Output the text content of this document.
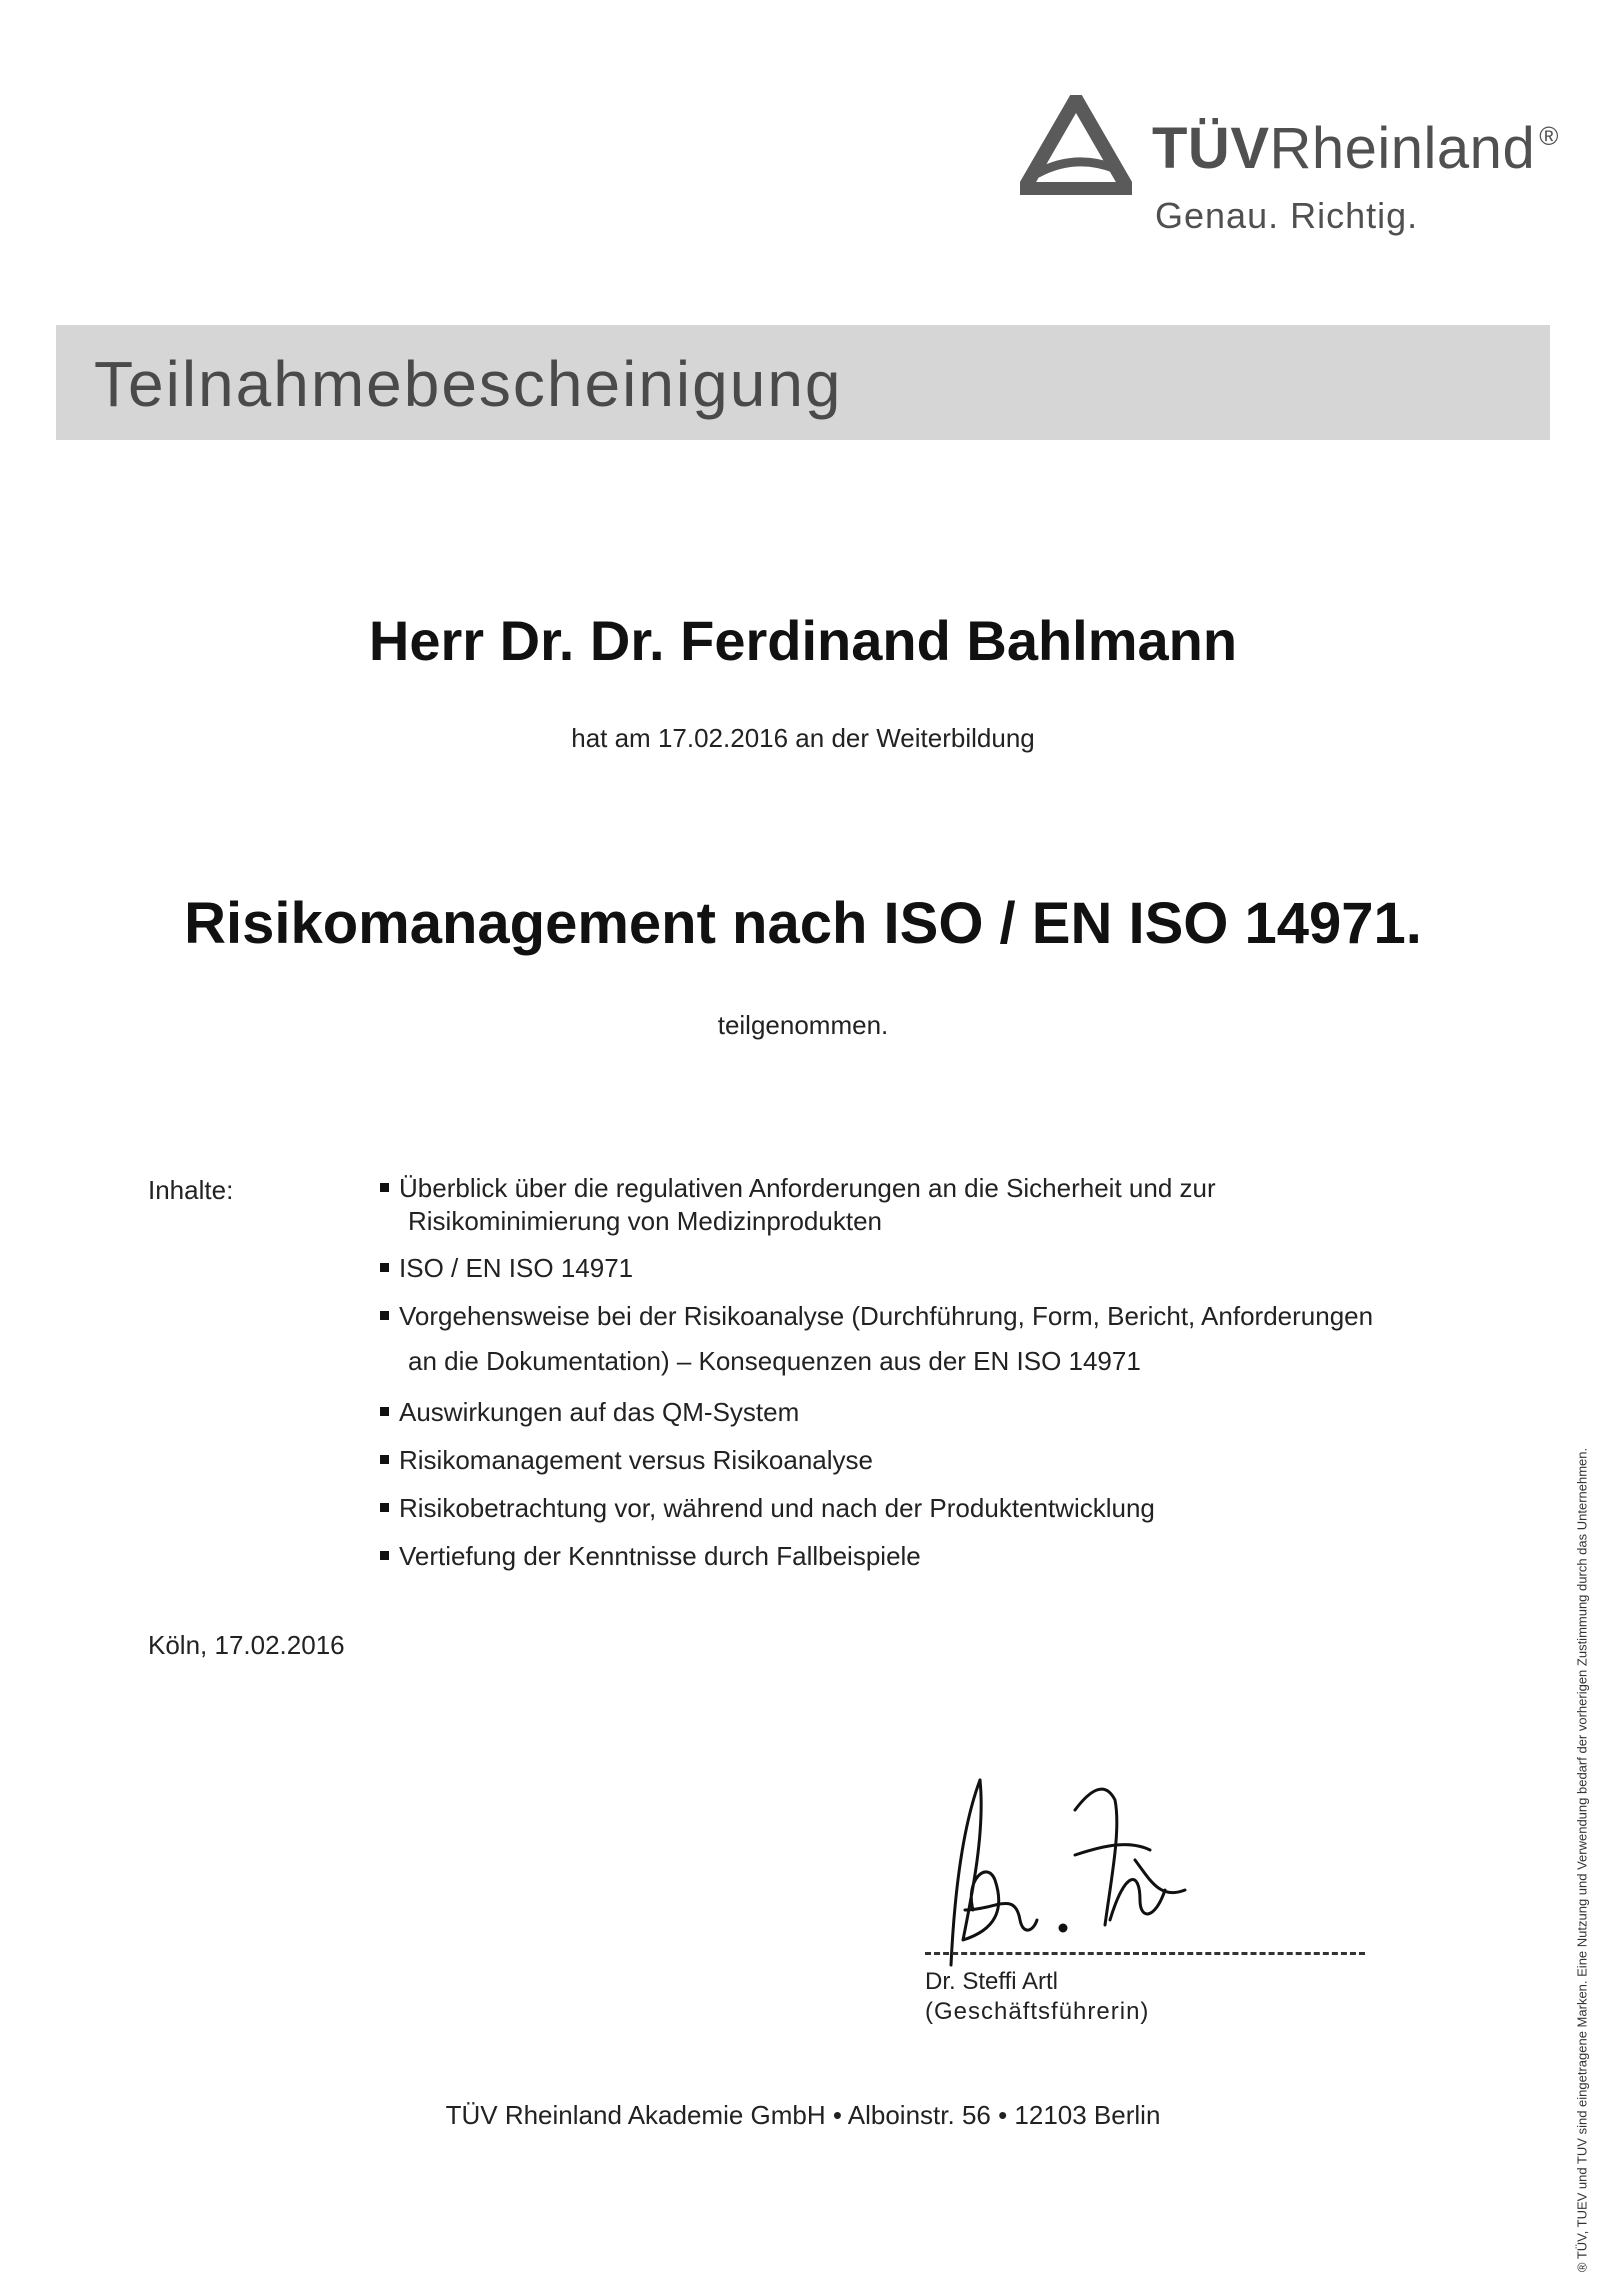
TÜVRheinland ®
Genau. Richtig.
Teilnahmebescheinigung
Herr Dr. Dr. Ferdinand Bahlmann
hat am 17.02.2016 an der Weiterbildung
Risikomanagement nach ISO / EN ISO 14971.
teilgenommen.
Inhalte:	Überblick über die regulativen Anforderungen an die Sicherheit und zur
Risikominimierung von Medizinprodukten
ISO / EN ISO 14971
Vorgehensweise bei der Risikoanalyse (Durchführung, Form, Bericht, Anforderungen
an die Dokumentation) – Konsequenzen aus der EN ISO 14971
Auswirkungen auf das QM-System
Risikomanagement versus Risikoanalyse
Risikobetrachtung vor, während und nach der Produktentwicklung
Vertiefung der Kenntnisse durch Fallbeispiele
Köln, 17.02.2016
Dr. Steffi Artl
(Geschäftsführerin)
TÜV Rheinland Akademie GmbH • Alboinstr. 56 • 12103 Berlin	® TÜV, TUEV und TUV sind eingetragene Marken. Eine Nutzung und Verwendung bedarf der vorherigen Zustimmung durch das Unternehmen.
